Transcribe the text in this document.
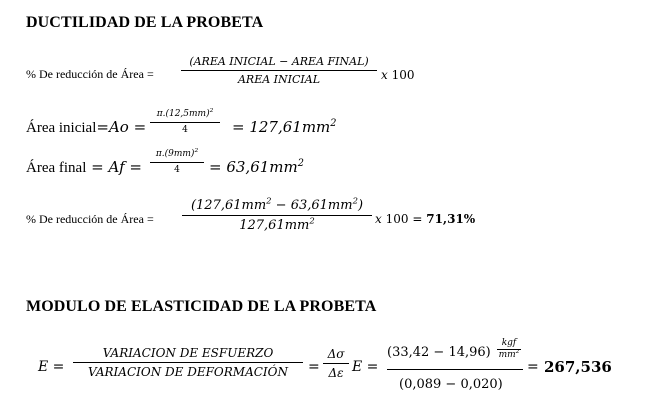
DUCTILIDAD DE LA PROBETA
% De reducción de Área =
(AREA INICIAL − AREA FINAL)
AREA INICIAL	x 100
Área inicial=Ao =
$\pi.(12,5mm)^2$
4	= $127,61mm^2$
Área final = Af =
$\pi.(9mm)^2$
$4 = 63,61mm^2$
% De reducción de Área =
$(127,61mm^2 - 63,61mm^2)$
$127,61mm^2$	x 100 = 71,31%
MODULO DE ELASTICIDAD DE LA PROBETA
E =
VARIACION DE ESFUERZO
VARIACION DE DEFORMACIÓN =
Δσ
Δε E =
(33,42 − 14,96)
kgf
$mm^2$
(0,089 − 0,020)
= 267,536
